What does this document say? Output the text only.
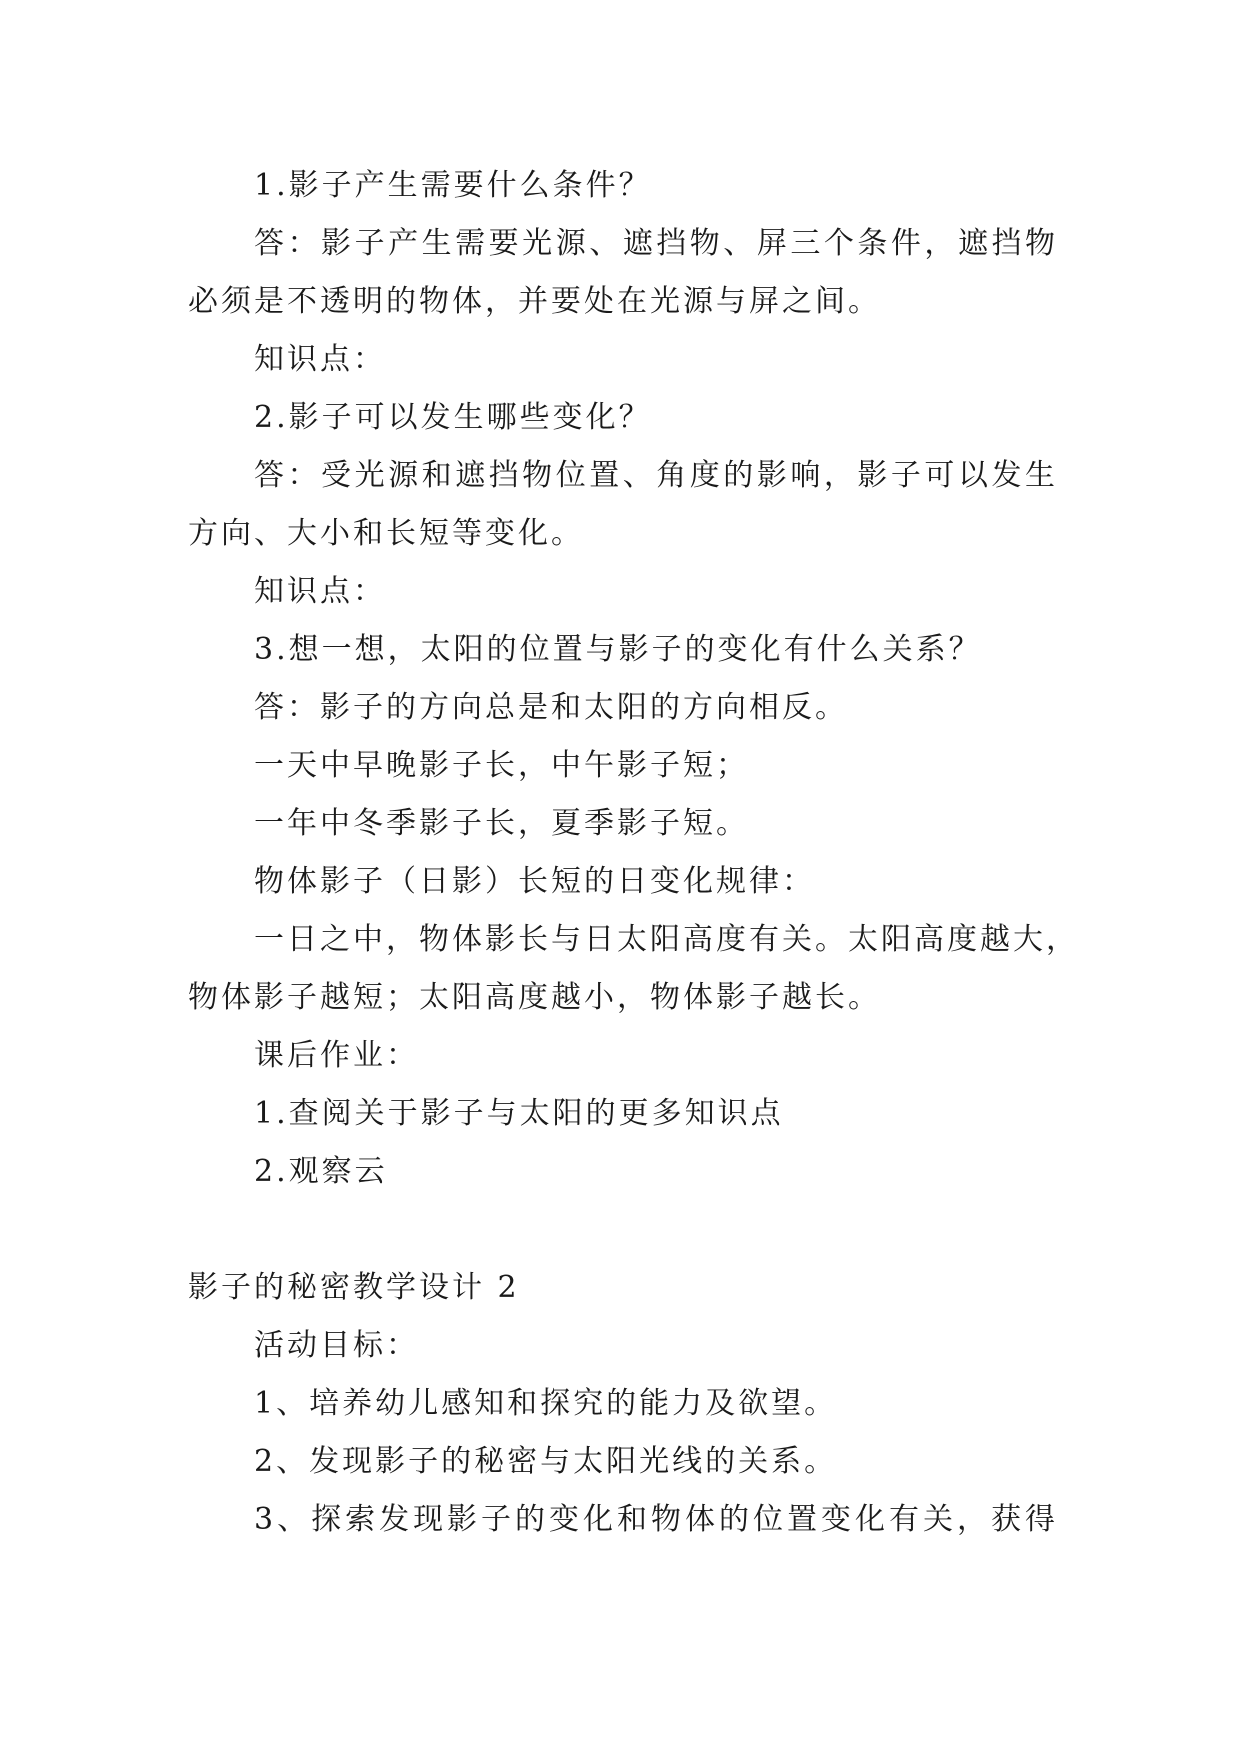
1.影子产生需要什么条件？
答：影子产生需要光源、遮挡物、屏三个条件，遮挡物
必须是不透明的物体，并要处在光源与屏之间。
知识点：
2.影子可以发生哪些变化？
答：受光源和遮挡物位置、角度的影响，影子可以发生
方向、大小和长短等变化。
知识点：
3.想一想，太阳的位置与影子的变化有什么关系？
答：影子的方向总是和太阳的方向相反。
一天中早晚影子长，中午影子短；
一年中冬季影子长，夏季影子短。
物体影子（日影）长短的日变化规律：
一日之中，物体影长与日太阳高度有关。太阳高度越大，
物体影子越短；太阳高度越小，物体影子越长。
课后作业：
1.查阅关于影子与太阳的更多知识点
2.观察云
影子的秘密教学设计 2
活动目标：
1、培养幼儿感知和探究的能力及欲望。
2、发现影子的秘密与太阳光线的关系。
3、探索发现影子的变化和物体的位置变化有关，获得
